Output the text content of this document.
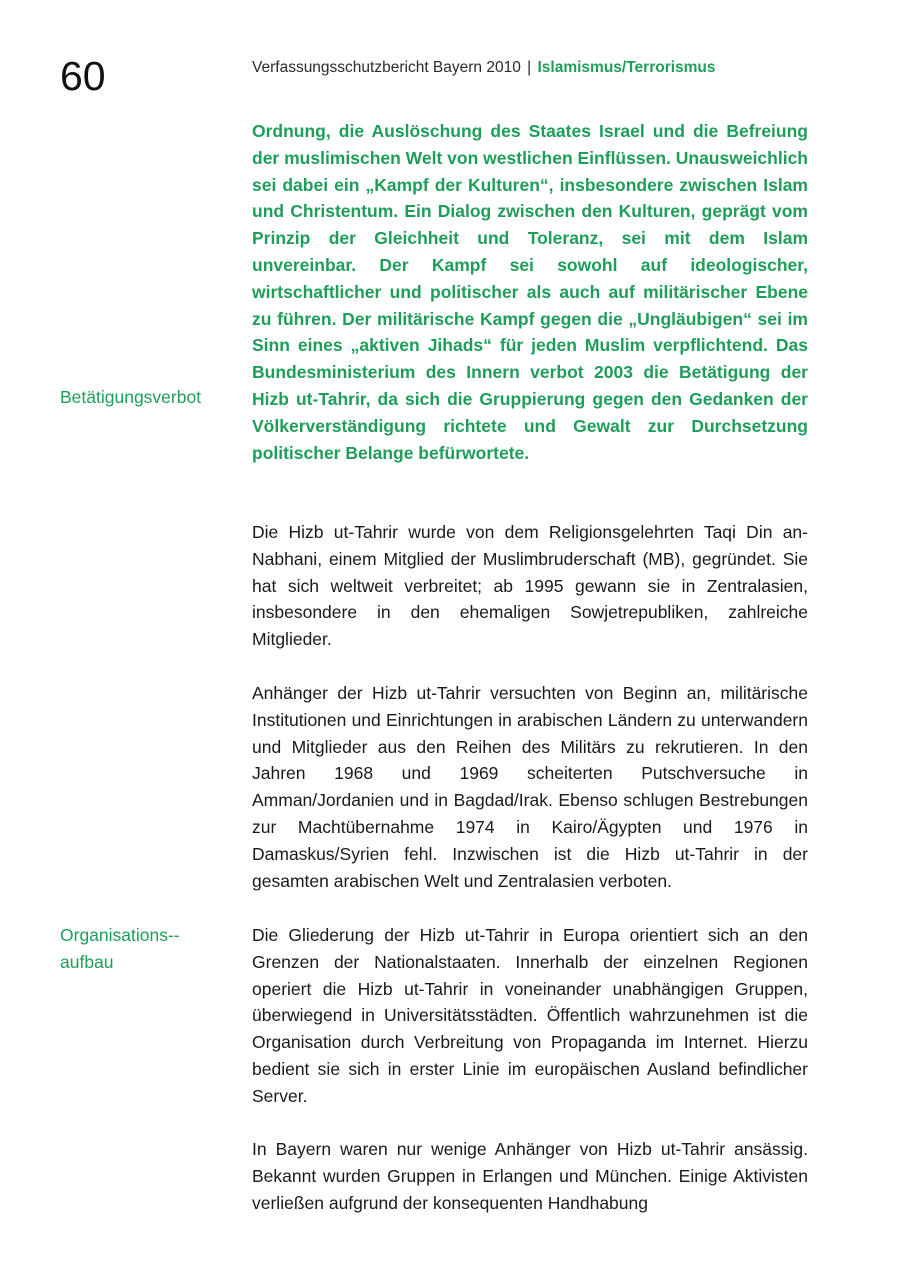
60	Verfassungsschutzbericht Bayern 2010 | Islamismus/Terrorismus
Betätigungsverbot
Organisations-aufbau

Ordnung, die Auslöschung des Staates Israel und die Befreiung der muslimischen Welt von westlichen Einflüssen. Unausweichlich sei dabei ein „Kampf der Kulturen“, insbesondere zwischen Islam und Christentum. Ein Dialog zwischen den Kulturen, geprägt vom Prinzip der Gleichheit und Toleranz, sei mit dem Islam unvereinbar. Der Kampf sei sowohl auf ideologischer, wirtschaftlicher und politischer als auch auf militärischer Ebene zu führen. Der militärische Kampf gegen die „Ungläubigen“ sei im Sinn eines „aktiven Jihads“ für jeden Muslim verpflichtend. Das Bundesministerium des Innern verbot 2003 die Betätigung der Hizb ut-Tahrir, da sich die Gruppierung gegen den Gedanken der Völkerverständigung richtete und Gewalt zur Durchsetzung politischer Belange befürwortete.

Die Hizb ut-Tahrir wurde von dem Religionsgelehrten Taqi Din an-Nabhani, einem Mitglied der Muslimbruderschaft (MB), gegründet. Sie hat sich weltweit verbreitet; ab 1995 gewann sie in Zentralasien, insbesondere in den ehemaligen Sowjetrepubliken, zahlreiche Mitglieder.

Anhänger der Hizb ut-Tahrir versuchten von Beginn an, militärische Institutionen und Einrichtungen in arabischen Ländern zu unterwandern und Mitglieder aus den Reihen des Militärs zu rekrutieren. In den Jahren 1968 und 1969 scheiterten Putschversuche in Amman/Jordanien und in Bagdad/Irak. Ebenso schlugen Bestrebungen zur Machtübernahme 1974 in Kairo/Ägypten und 1976 in Damaskus/Syrien fehl. Inzwischen ist die Hizb ut-Tahrir in der gesamten arabischen Welt und Zentralasien verboten.

Die Gliederung der Hizb ut-Tahrir in Europa orientiert sich an den Grenzen der Nationalstaaten. Innerhalb der einzelnen Regionen operiert die Hizb ut-Tahrir in voneinander unabhängigen Gruppen, überwiegend in Universitätsstädten. Öffentlich wahrzunehmen ist die Organisation durch Verbreitung von Propaganda im Internet. Hierzu bedient sie sich in erster Linie im europäischen Ausland befindlicher Server.

In Bayern waren nur wenige Anhänger von Hizb ut-Tahrir ansässig. Bekannt wurden Gruppen in Erlangen und München. Einige Aktivisten verließen aufgrund der konsequenten Handhabung
